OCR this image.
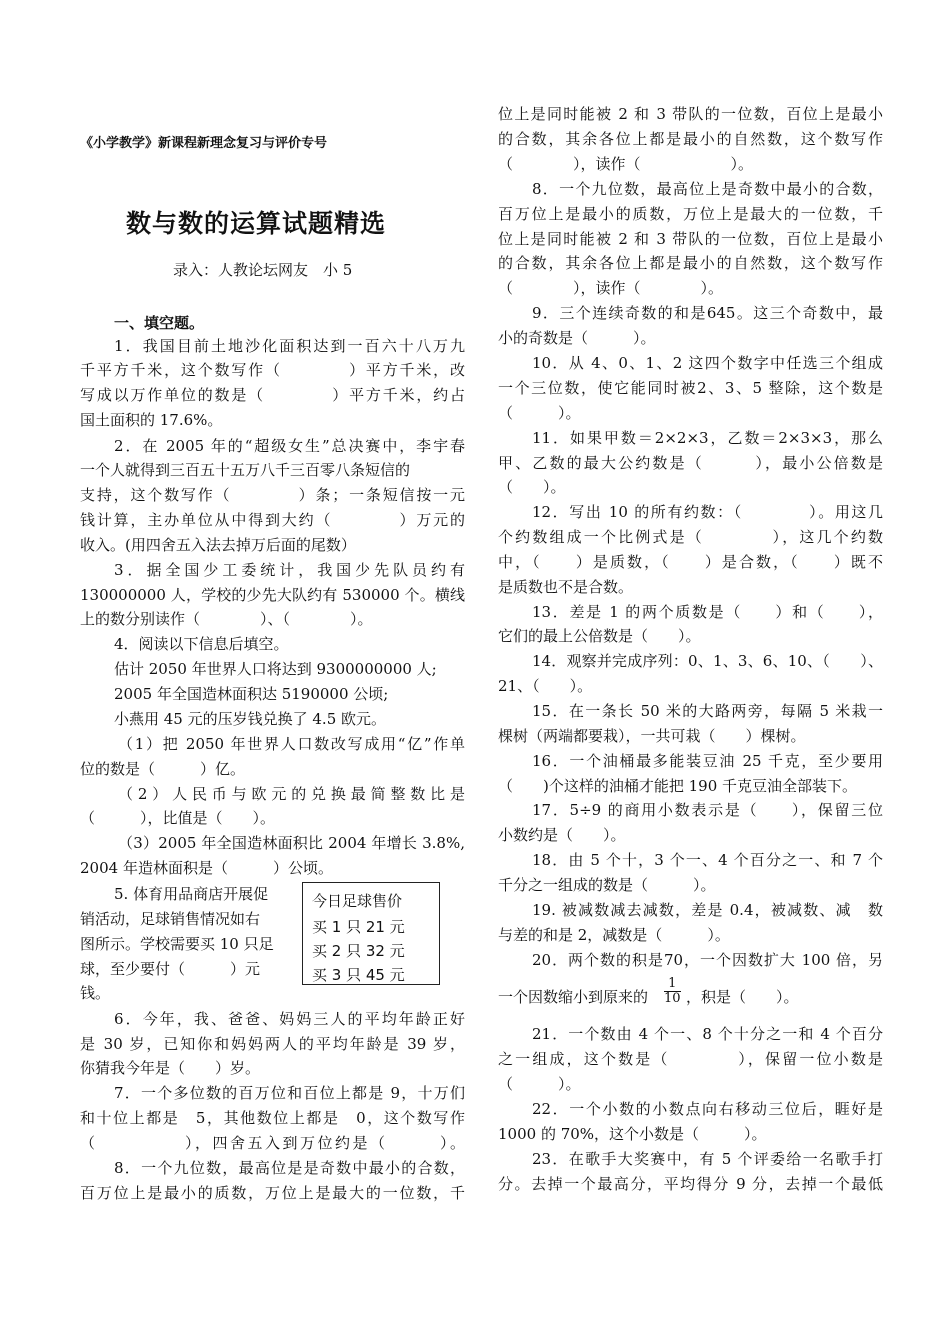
《小学教学》新课程新理念复习与评价专号
数与数的运算试题精选
录入：人教论坛网友　小 5
一、填空题。
1．我国目前土地沙化面积达到一百六十八万九
千平方千米，这个数写作（　　　　）平方千米，改
写成以万作单位的数是（　　　　）平方千米，约占
国土面积的 17.6%。
2．在 2005 年的“超级女生”总决赛中，李宇春
一个人就得到三百五十五万八千三百零八条短信的
支持，这个数写作（　　　　）条；一条短信按一元
钱计算，主办单位从中得到大约（　　　　）万元的
收入。(用四舍五入法去掉万后面的尾数）
3．据全国少工委统计，我国少先队员约有
130000000 人，学校的少先大队约有 530000 个。横线
上的数分别读作（　　　　）、（　　　　）。
4．阅读以下信息后填空。
估计 2050 年世界人口将达到 9300000000 人;
2005 年全国造林面积达 5190000 公顷;
小燕用 45 元的压岁钱兑换了 4.5 欧元。
（1）把 2050 年世界人口数改写成用“亿”作单
位的数是（　　　）亿。
（2）人民币与欧元的兑换最简整数比是
（　　　），比值是（　　）。
（3）2005 年全国造林面积比 2004 年增长 3.8%,
2004 年造林面积是（　　　）公顷。
5. 体育用品商店开展促
销活动，足球销售情况如右
图所示。学校需要买 10 只足
球，至少要付（　　　）元
钱。
今日足球售价
买 1 只 21 元
买 2 只 32 元
买 3 只 45 元
6．今年，我、爸爸、妈妈三人的平均年龄正好
是 30 岁，已知你和妈妈两人的平均年龄是 39 岁，
你猜我今年是（　　）岁。
7．一个多位数的百万位和百位上都是 9，十万们
和十位上都是　5，其他数位上都是　0，这个数写作
（　　　　　），四舍五入到万位约是（　　　）。
8．一个九位数，最高位是是奇数中最小的合数，
百万位上是最小的质数，万位上是最大的一位数，千
位上是同时能被 2 和 3 带队的一位数，百位上是最小
的合数，其余各位上都是最小的自然数，这个数写作
（　　　　），读作（　　　　　　）。
8．一个九位数，最高位上是奇数中最小的合数，
百万位上是最小的质数，万位上是最大的一位数，千
位上是同时能被 2 和 3 带队的一位数，百位上是最小
的合数，其余各位上都是最小的自然数，这个数写作
（　　　　），读作（　　　　）。
9．三个连续奇数的和是645。这三个奇数中，最
小的奇数是（　　　）。
10．从 4、0、1、2 这四个数字中任选三个组成
一个三位数，使它能同时被2、3、5 整除，这个数是
（　　　）。
11．如果甲数＝2×2×3，乙数＝2×3×3，那么
甲、乙数的最大公约数是（　　　），最小公倍数是
（　　）。
12．写出 10 的所有约数：（　　　　）。用这几
个约数组成一个比例式是（　　　　），这几个约数
中，（　　）是质数，（　　）是合数，（　　）既不
是质数也不是合数。
13．差是 1 的两个质数是（　　）和（　　），
它们的最上公倍数是（　　）。
14．观察并完成序列：0、1、3、6、10、（　　）、
21、（　　）。
15．在一条长 50 米的大路两旁，每隔 5 米栽一
棵树（两端都要栽），一共可栽（　　）棵树。
16．一个油桶最多能装豆油 25 千克，至少要用
（　　)个这样的油桶才能把 190 千克豆油全部装下。
17．5÷9 的商用小数表示是（　　），保留三位
小数约是（　　）。
18．由 5 个十，3 个一、4 个百分之一、和 7 个
千分之一组成的数是（　　　）。
19. 被减数减去减数，差是 0.4，被减数、减　数
与差的和是 2，减数是（　　　）。
20．两个数的积是70，一个因数扩大 100 倍，另
一个因数缩小到原来的 $\frac{1}{10}$ ，积是（　　）。
21．一个数由 4 个一、8 个十分之一和 4 个百分
之一组成，这个数是（　　　　），保留一位小数是
（　　　）。
22．一个小数的小数点向右移动三位后，睚好是
1000 的 70%，这个小数是（　　　）。
23．在歌手大奖赛中，有 5 个评委给一名歌手打
分。去掉一个最高分，平均得分 9 分，去掉一个最低
